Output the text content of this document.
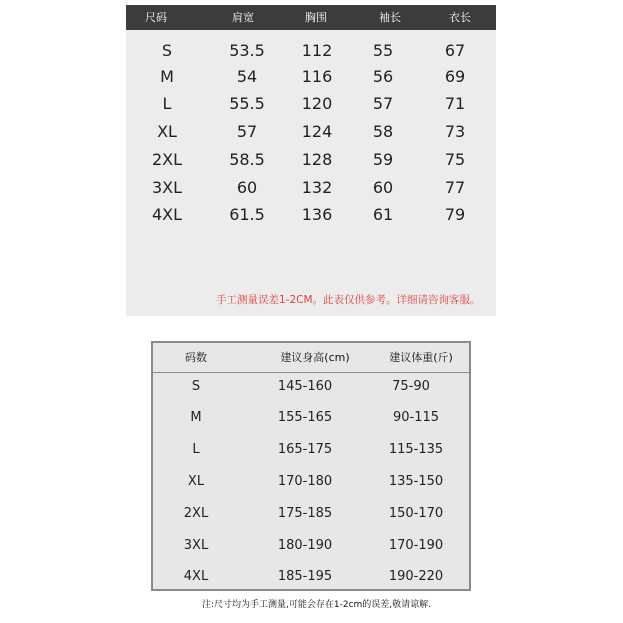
尺码	肩宽	胸围	袖长	衣长
S	53.5	112	55	67
M	54	116	56	69
L	55.5	120	57	71
XL	57	124	58	73
2XL	58.5	128	59	75
3XL	60	132	60	77
4XL	61.5	136	61	79
手工测量误差1-2CM。此表仅供参考。详细请咨询客服。
码数	建议身高(cm)	建议体重(斤)
S	145-160	75-90
M	155-165	90-115
L	165-175	115-135
XL	170-180	135-150
2XL	175-185	150-170
3XL	180-190	170-190
4XL	185-195	190-220
注:尺寸均为手工测量,可能会存在1-2cm的误差,敬请谅解.
